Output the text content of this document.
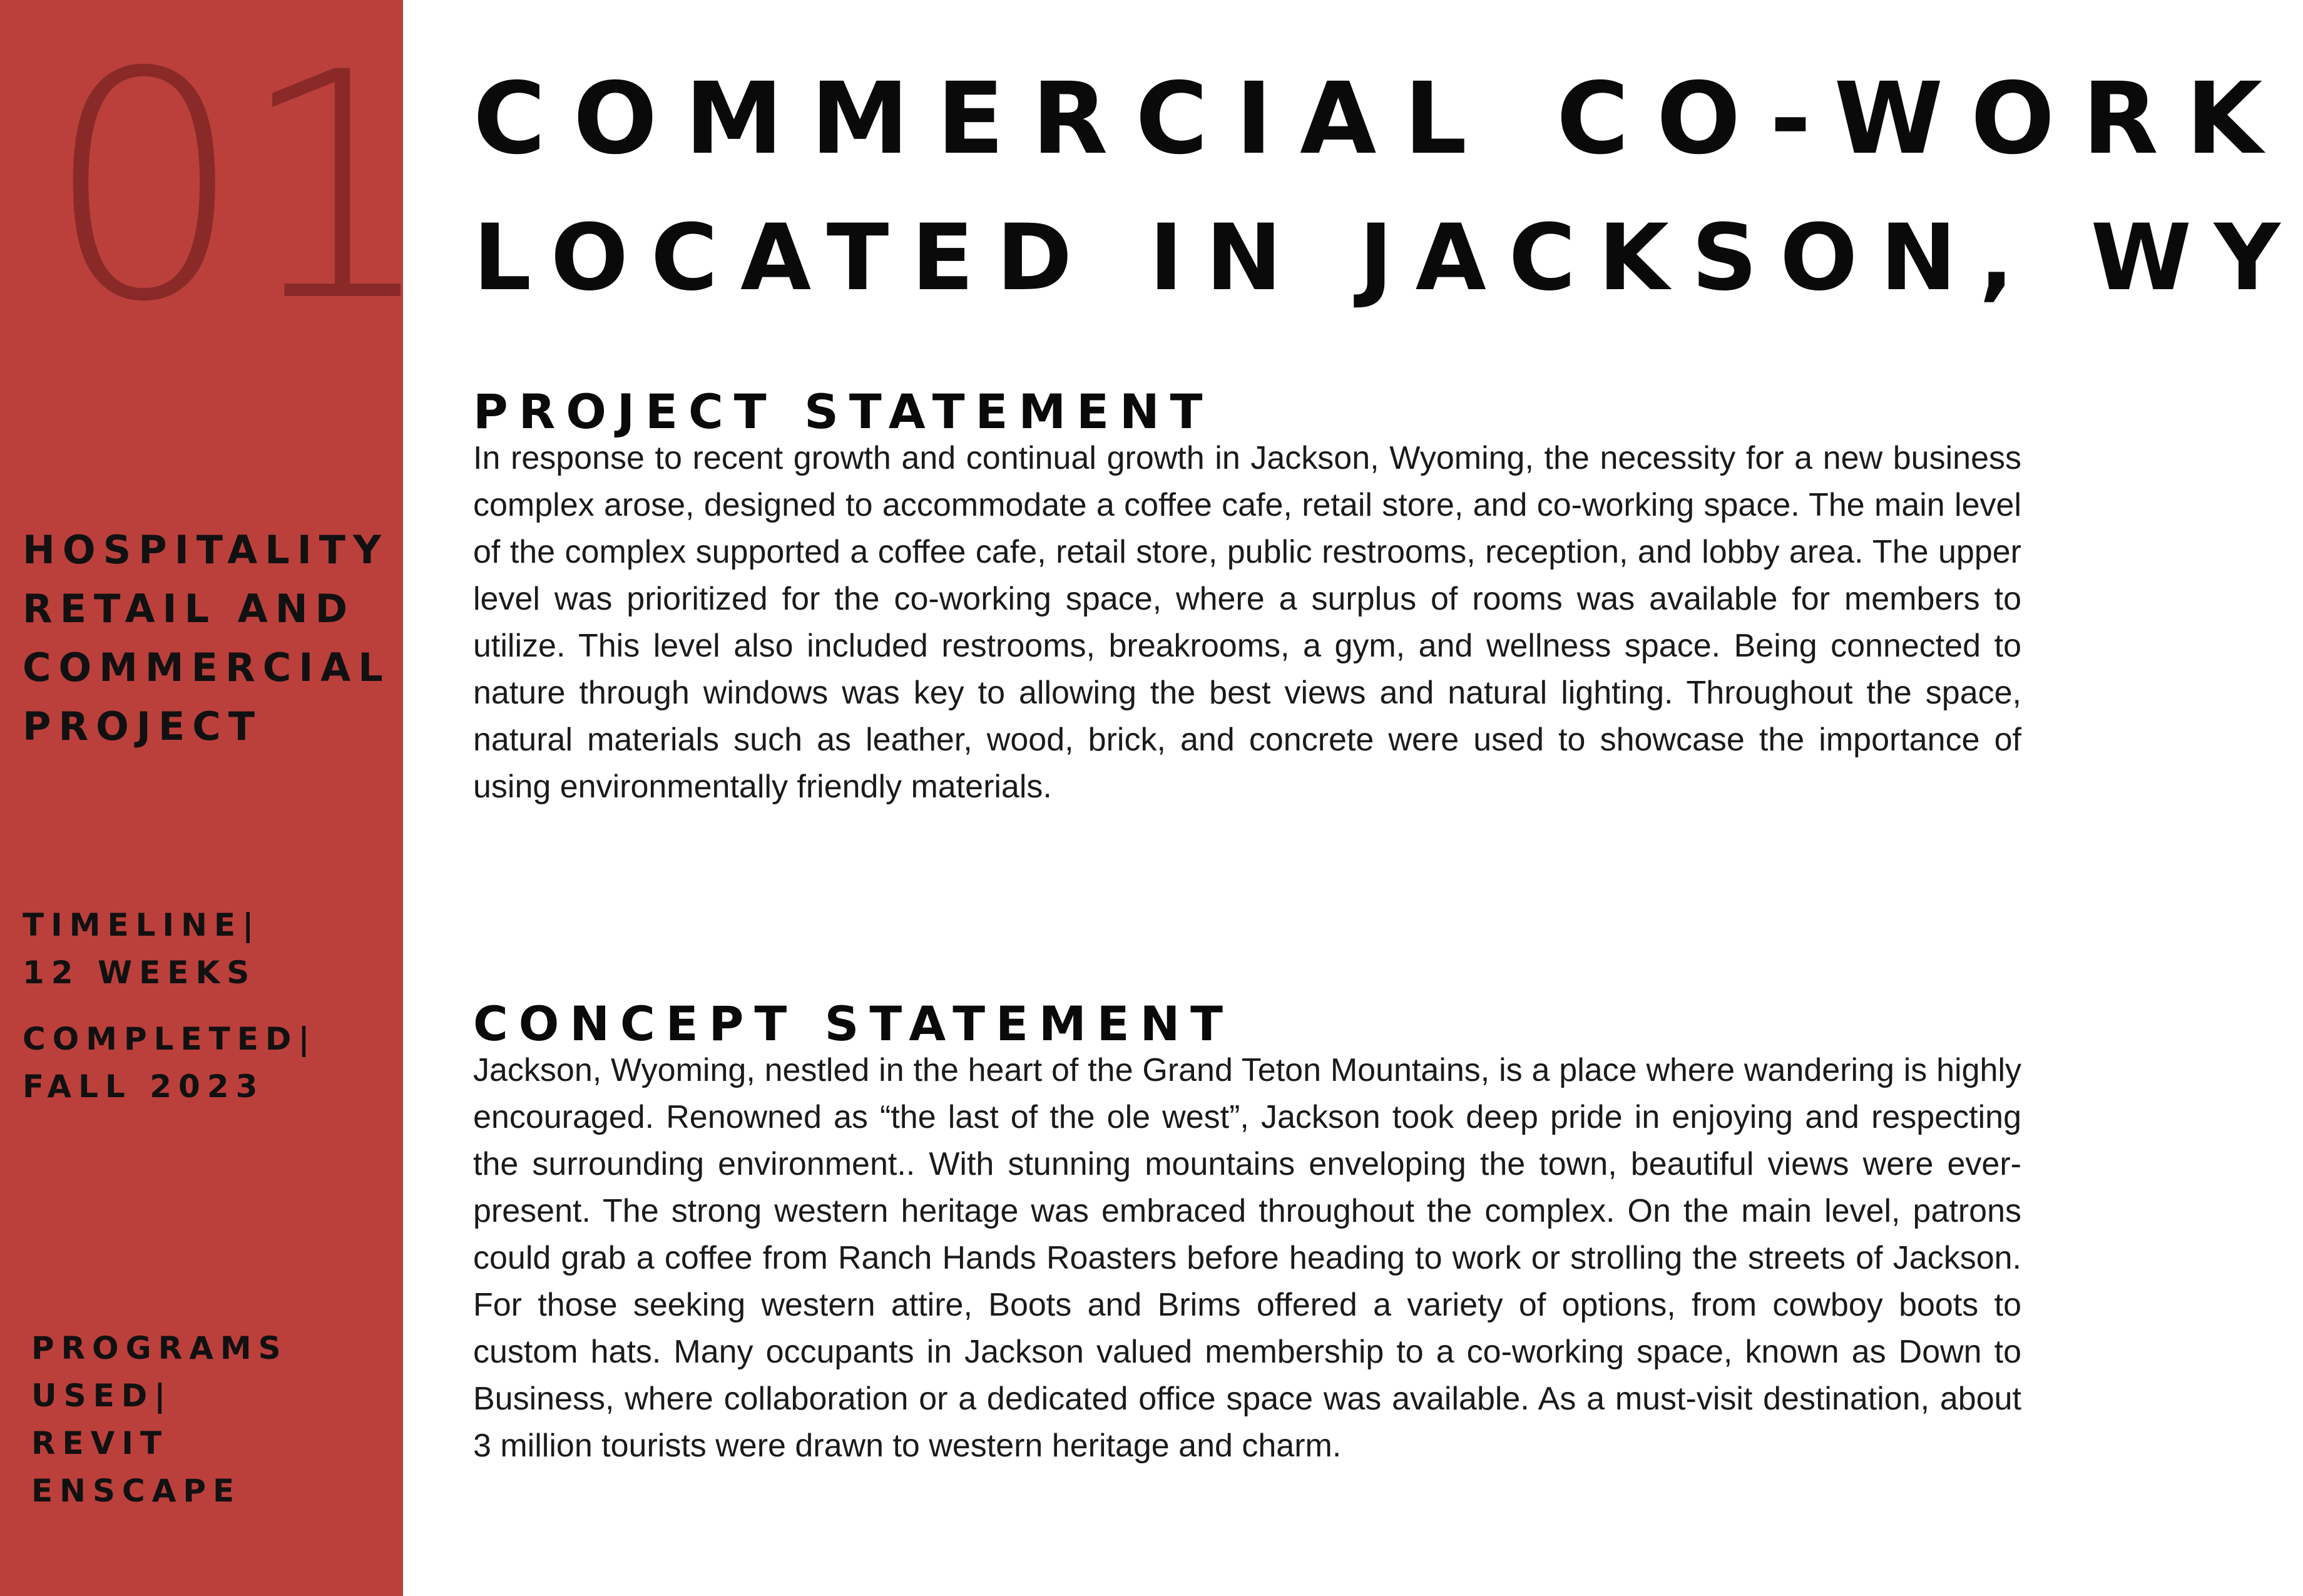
01
HOSPITALITY
RETAIL AND
COMMERCIAL
PROJECT
TIMELINE|
12 WEEKS
COMPLETED|
FALL 2023
PROGRAMS
USED|
REVIT
ENSCAPE
COMMERCIAL CO-WORK
LOCATED IN JACKSON, WY
PROJECT STATEMENT

In response to recent growth and continual growth in Jackson, Wyoming, the necessity for a new business complex arose, designed to accommodate a coffee cafe, retail store, and co-working space. The main level of the complex supported a coffee cafe, retail store, public restrooms, reception, and lobby area. The upper level was prioritized for the co-working space, where a surplus of rooms was available for members to utilize. This level also included restrooms, breakrooms, a gym, and wellness space. Being connected to nature through windows was key to allowing the best views and natural lighting. Throughout the space, natural materials such as leather, wood, brick, and concrete were used to showcase the importance of using environmentally friendly materials.

CONCEPT STATEMENT

Jackson, Wyoming, nestled in the heart of the Grand Teton Mountains, is a place where wandering is highly encouraged. Renowned as “the last of the ole west”, Jackson took deep pride in enjoying and respecting the surrounding environment.. With stunning mountains enveloping the town, beautiful views were ever-present. The strong western heritage was embraced throughout the complex. On the main level, patrons could grab a coffee from Ranch Hands Roasters before heading to work or strolling the streets of Jackson. For those seeking western attire, Boots and Brims offered a variety of options, from cowboy boots to custom hats. Many occupants in Jackson valued membership to a co-working space, known as Down to Business, where collaboration or a dedicated office space was available. As a must-visit destination, about 3 million tourists were drawn to western heritage and charm.
